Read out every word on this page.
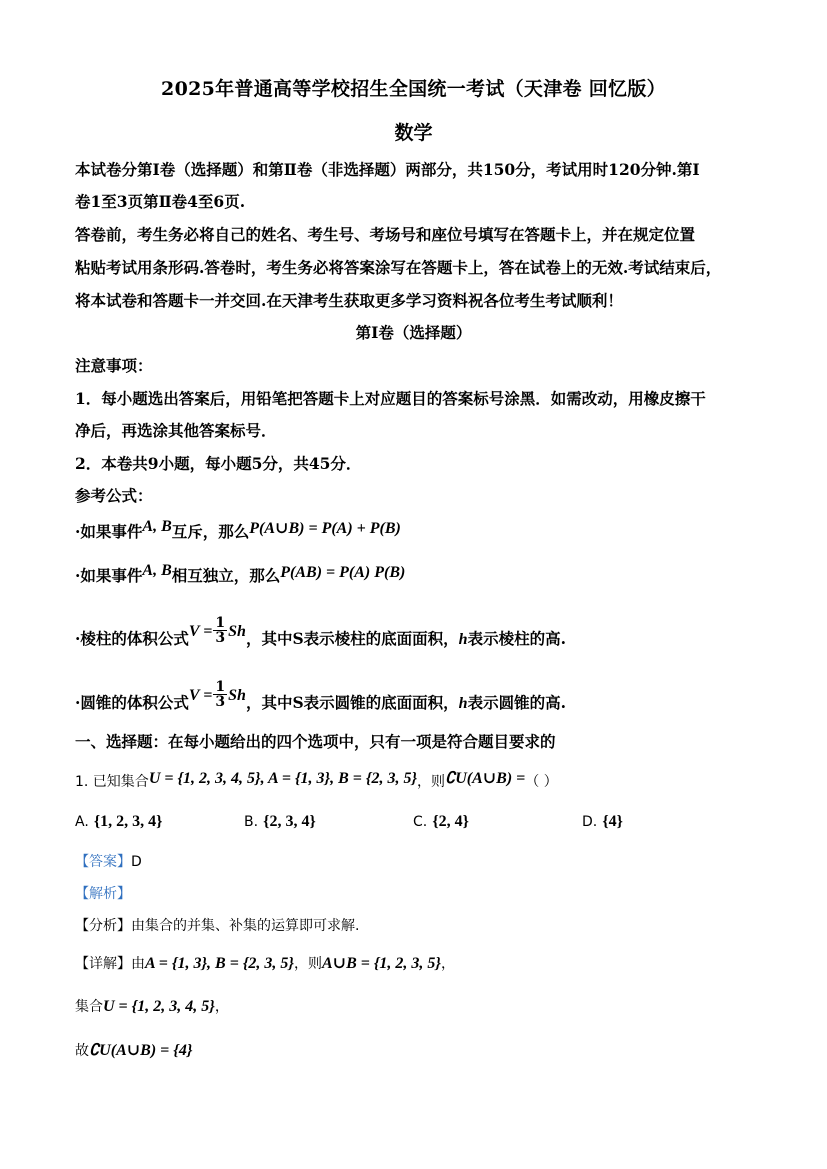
2025年普通高等学校招生全国统一考试（天津卷 回忆版）
数学
本试卷分第Ⅰ卷（选择题）和第Ⅱ卷（非选择题）两部分，共150分，考试用时120分钟.第Ⅰ
卷1至3页第Ⅱ卷4至6页.
答卷前，考生务必将自己的姓名、考生号、考场号和座位号填写在答题卡上，并在规定位置
粘贴考试用条形码.答卷时，考生务必将答案涂写在答题卡上，答在试卷上的无效.考试结束后，
将本试卷和答题卡一并交回.在天津考生获取更多学习资料祝各位考生考试顺利！
第Ⅰ卷（选择题）
注意事项：
1．每小题选出答案后，用铅笔把答题卡上对应题目的答案标号涂黑．如需改动，用橡皮擦干
净后，再选涂其他答案标号．
2．本卷共9小题，每小题5分，共45分．
参考公式：
·如果事件A, B互斥，那么P(A∪B) = P(A) + P(B)
·如果事件A, B相互独立，那么P(AB) = P(A) P(B)
·棱柱的体积公式$V = \frac{1}{3}$ Sh，其中S表示棱柱的底面面积，h表示棱柱的高.
·圆锥的体积公式$V = \frac{1}{3}$ Sh，其中S表示圆锥的底面面积，h表示圆锥的高.
一、选择题：在每小题给出的四个选项中，只有一项是符合题目要求的
1. 已知集合U = {1, 2, 3, 4, 5}, A = {1, 3}, B = {2, 3, 5}，则∁U(A∪B) =（ ）
A. {1, 2, 3, 4}	B. {2, 3, 4}	C. {2, 4}	D. {4}
【答案】D
【解析】
【分析】由集合的并集、补集的运算即可求解.
【详解】由A = {1, 3}, B = {2, 3, 5}，则A∪B = {1, 2, 3, 5}，
集合U = {1, 2, 3, 4, 5}，
故∁U(A∪B) = {4}
